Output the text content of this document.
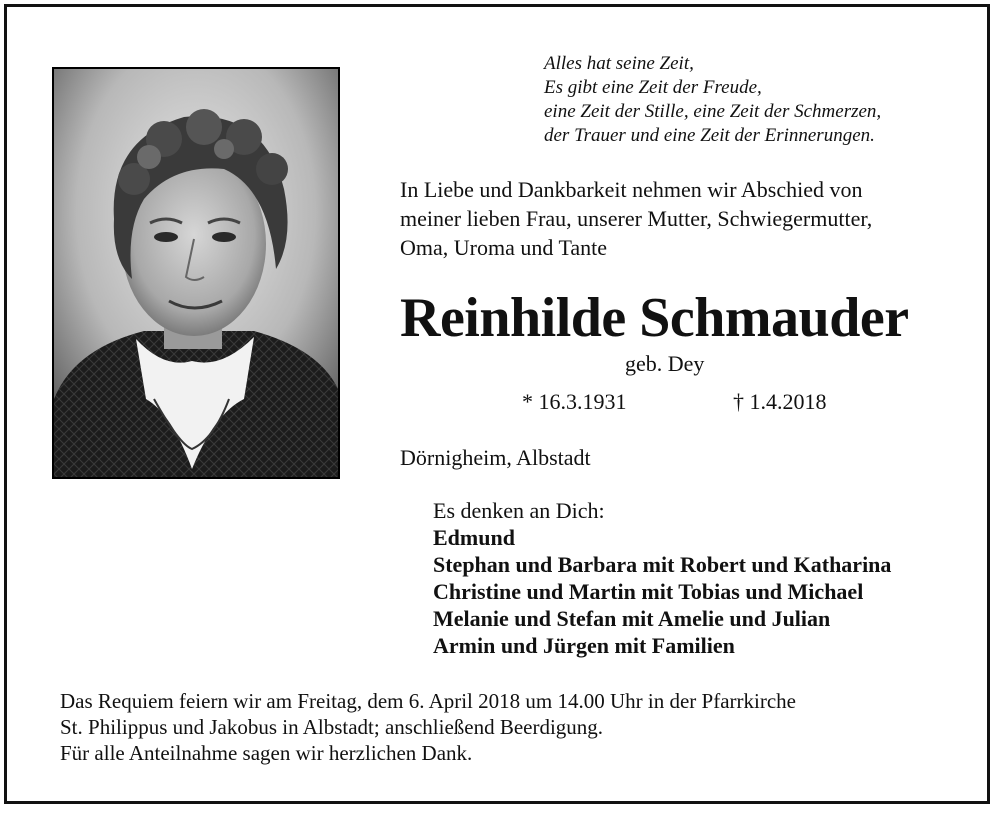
Alles hat seine Zeit,
Es gibt eine Zeit der Freude,
eine Zeit der Stille, eine Zeit der Schmerzen,
der Trauer und eine Zeit der Erinnerungen.
In Liebe und Dankbarkeit nehmen wir Abschied von
meiner lieben Frau, unserer Mutter, Schwiegermutter,
Oma, Uroma und Tante
Reinhilde Schmauder
geb. Dey
* 16.3.1931	† 1.4.2018
Dörnigheim, Albstadt
Es denken an Dich:
Edmund
Stephan und Barbara mit Robert und Katharina
Christine und Martin mit Tobias und Michael
Melanie und Stefan mit Amelie und Julian
Armin und Jürgen mit Familien
Das Requiem feiern wir am Freitag, dem 6. April 2018 um 14.00 Uhr in der Pfarrkirche
St. Philippus und Jakobus in Albstadt; anschließend Beerdigung.
Für alle Anteilnahme sagen wir herzlichen Dank.
